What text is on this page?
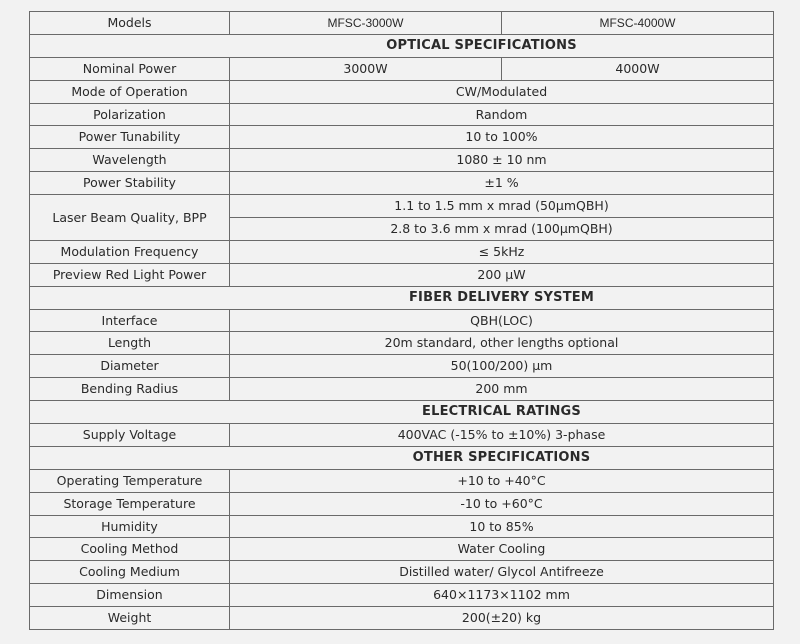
Models	MFSC-3000W	MFSC-4000W
OPTICAL SPECIFICATIONS		
Nominal Power	3000W	4000W
Mode of Operation	CW/Modulated	
Polarization	Random	
Power Tunability	10 to 100%	
Wavelength	1080 ± 10 nm	
Power Stability	±1 %	
Laser Beam Quality, BPP	1.1 to 1.5 mm x mrad (50μmQBH)	
	2.8 to 3.6 mm x mrad (100μmQBH)	
Modulation Frequency	≤ 5kHz	
Preview Red Light Power	200 μW	
FIBER DELIVERY SYSTEM		
Interface	QBH(LOC)	
Length	20m standard, other lengths optional	
Diameter	50(100/200) μm	
Bending Radius	200 mm	
ELECTRICAL RATINGS		
Supply Voltage	400VAC (-15% to ±10%) 3-phase	
OTHER SPECIFICATIONS		
Operating Temperature	+10 to +40°C	
Storage Temperature	-10 to +60°C	
Humidity	10 to 85%	
Cooling Method	Water Cooling	
Cooling Medium	Distilled water/ Glycol Antifreeze	
Dimension	640×1173×1102 mm	
Weight	200(±20) kg	
